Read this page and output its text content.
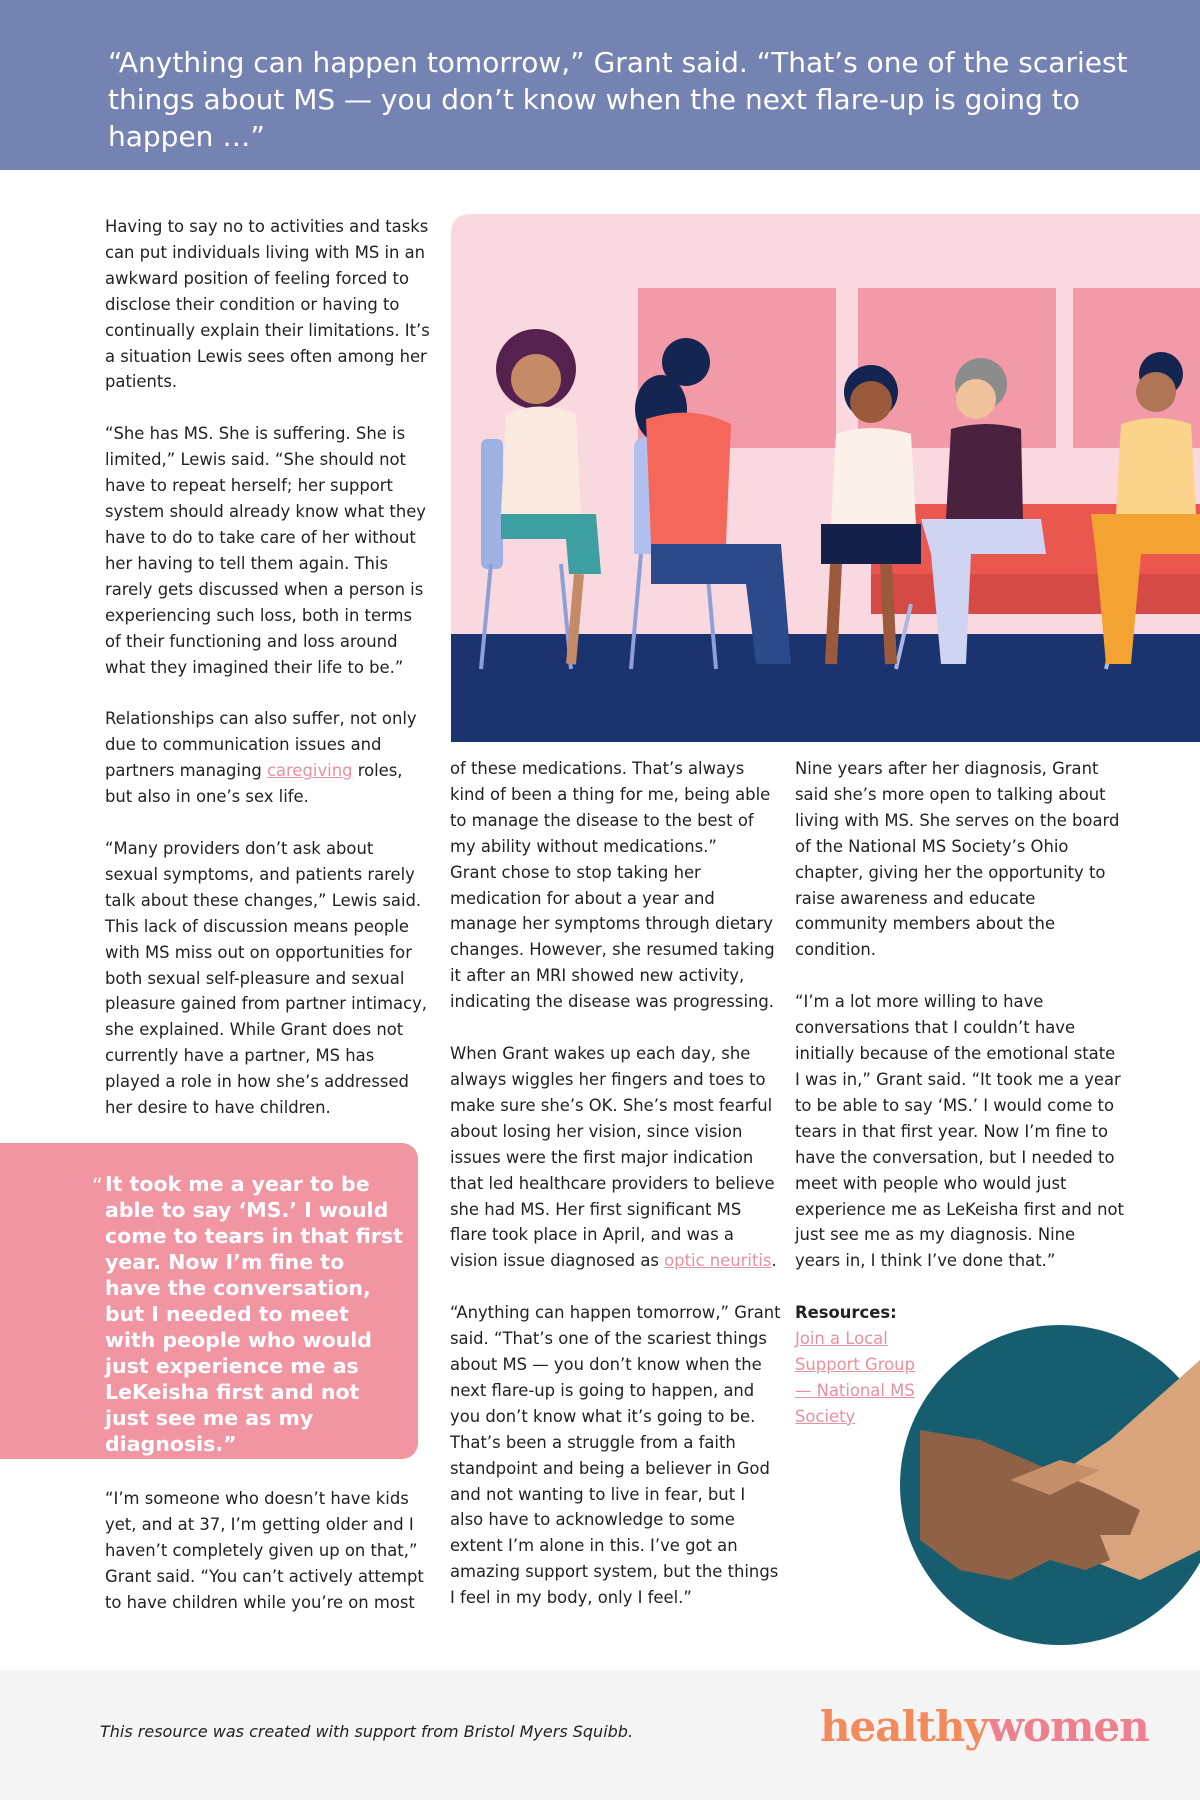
“Anything can happen tomorrow,” Grant said. “That’s one of the scariest things about MS — you don’t know when the next flare-up is going to happen …”

Having to say no to activities and tasks can put individuals living with MS in an awkward position of feeling forced to disclose their condition or having to continually explain their limitations. It’s a situation Lewis sees often among her patients.

“She has MS. She is suffering. She is limited,” Lewis said. “She should not have to repeat herself; her support system should already know what they have to do to take care of her without her having to tell them again. This rarely gets discussed when a person is experiencing such loss, both in terms of their functioning and loss around what they imagined their life to be.”

Relationships can also suffer, not only due to communication issues and partners managing caregiving roles, but also in one’s sex life.

“Many providers don’t ask about sexual symptoms, and patients rarely talk about these changes,” Lewis said. This lack of discussion means people with MS miss out on opportunities for both sexual self-pleasure and sexual pleasure gained from partner intimacy, she explained. While Grant does not currently have a partner, MS has played a role in how she’s addressed her desire to have children.

“ It took me a year to be able to say ‘MS.’ I would come to tears in that first year. Now I’m fine to have the conversation, but I needed to meet with people who would just experience me as LeKeisha first and not just see me as my diagnosis.”

“I’m someone who doesn’t have kids yet, and at 37, I’m getting older and I haven’t completely given up on that,” Grant said. “You can’t actively attempt to have children while you’re on most

of these medications. That’s always kind of been a thing for me, being able to manage the disease to the best of my ability without medications.”

Grant chose to stop taking her medication for about a year and manage her symptoms through dietary changes. However, she resumed taking it after an MRI showed new activity, indicating the disease was progressing.

When Grant wakes up each day, she always wiggles her fingers and toes to make sure she’s OK. She’s most fearful about losing her vision, since vision issues were the first major indication that led healthcare providers to believe she had MS. Her first significant MS flare took place in April, and was a vision issue diagnosed as optic neuritis.

“Anything can happen tomorrow,” Grant said. “That’s one of the scariest things about MS — you don’t know when the next flare-up is going to happen, and you don’t know what it’s going to be. That’s been a struggle from a faith standpoint and being a believer in God and not wanting to live in fear, but I also have to acknowledge to some extent I’m alone in this. I’ve got an amazing support system, but the things I feel in my body, only I feel.”

Nine years after her diagnosis, Grant said she’s more open to talking about living with MS. She serves on the board of the National MS Society’s Ohio chapter, giving her the opportunity to raise awareness and educate community members about the condition.

“I’m a lot more willing to have conversations that I couldn’t have initially because of the emotional state I was in,” Grant said. “It took me a year to be able to say ‘MS.’ I would come to tears in that first year. Now I’m fine to have the conversation, but I needed to meet with people who would just experience me as LeKeisha first and not just see me as my diagnosis. Nine years in, I think I’ve done that.”

Resources:
Join a Local Support Group — National MS Society

This resource was created with support from Bristol Myers Squibb.	healthywomen
